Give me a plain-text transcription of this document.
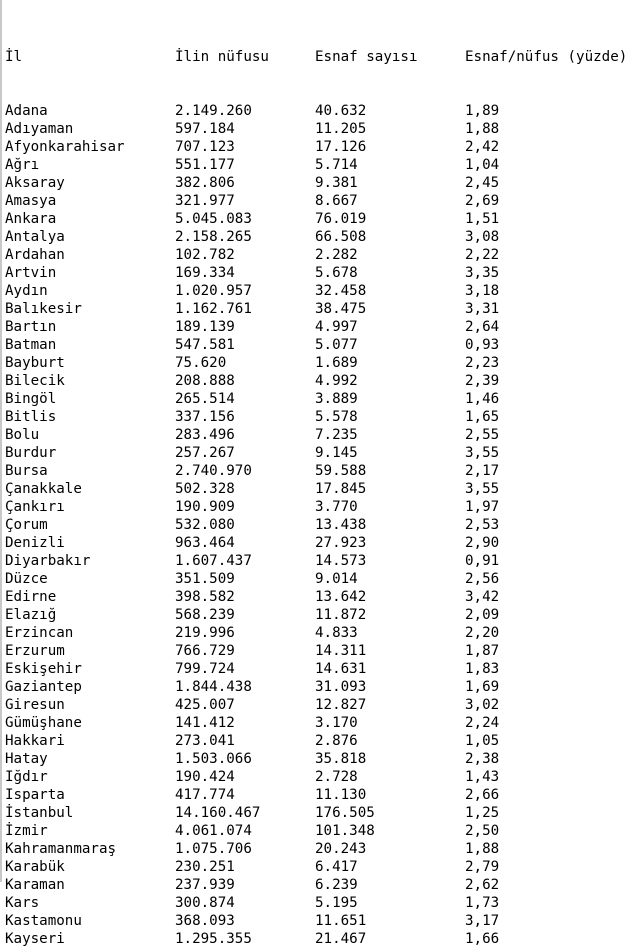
İl	İlin nüfusu	Esnaf sayısı	Esnaf/nüfus (yüzde)

Adana	2.149.260	40.632	1,89
Adıyaman	597.184	11.205	1,88
Afyonkarahisar	707.123	17.126	2,42
Ağrı	551.177	5.714	1,04
Aksaray	382.806	9.381	2,45
Amasya	321.977	8.667	2,69
Ankara	5.045.083	76.019	1,51
Antalya	2.158.265	66.508	3,08
Ardahan	102.782	2.282	2,22
Artvin	169.334	5.678	3,35
Aydın	1.020.957	32.458	3,18
Balıkesir	1.162.761	38.475	3,31
Bartın	189.139	4.997	2,64
Batman	547.581	5.077	0,93
Bayburt	75.620	1.689	2,23
Bilecik	208.888	4.992	2,39
Bingöl	265.514	3.889	1,46
Bitlis	337.156	5.578	1,65
Bolu	283.496	7.235	2,55
Burdur	257.267	9.145	3,55
Bursa	2.740.970	59.588	2,17
Çanakkale	502.328	17.845	3,55
Çankırı	190.909	3.770	1,97
Çorum	532.080	13.438	2,53
Denizli	963.464	27.923	2,90
Diyarbakır	1.607.437	14.573	0,91
Düzce	351.509	9.014	2,56
Edirne	398.582	13.642	3,42
Elazığ	568.239	11.872	2,09
Erzincan	219.996	4.833	2,20
Erzurum	766.729	14.311	1,87
Eskişehir	799.724	14.631	1,83
Gaziantep	1.844.438	31.093	1,69
Giresun	425.007	12.827	3,02
Gümüşhane	141.412	3.170	2,24
Hakkari	273.041	2.876	1,05
Hatay	1.503.066	35.818	2,38
Iğdır	190.424	2.728	1,43
Isparta	417.774	11.130	2,66
İstanbul	14.160.467	176.505	1,25
İzmir	4.061.074	101.348	2,50
Kahramanmaraş	1.075.706	20.243	1,88
Karabük	230.251	6.417	2,79
Karaman	237.939	6.239	2,62
Kars	300.874	5.195	1,73
Kastamonu	368.093	11.651	3,17
Kayseri	1.295.355	21.467	1,66
